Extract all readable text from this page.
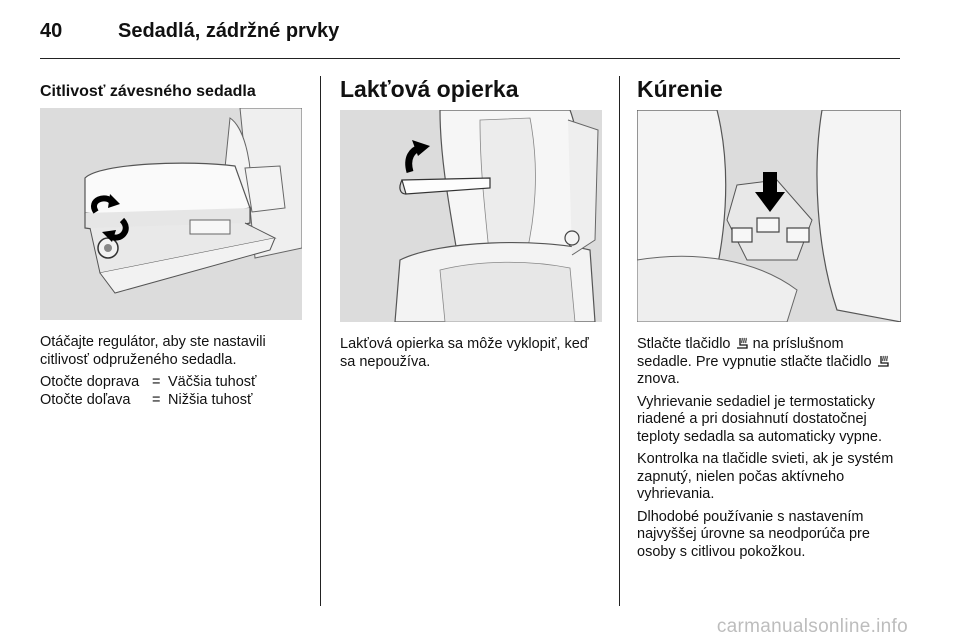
40	Sedadlá, zádržné prvky
Citlivosť závesného sedadla

Otáčajte regulátor, aby ste nastavili citlivosť odpruženého sedadla.

Otočte doprava = Väčšia tuhosť
Otočte doľava	= Nižšia tuhosť
Lakťová opierka

Lakťová opierka sa môže vyklopiť, keď sa nepoužíva.

Kúrenie

Stlačte tlačidlo na príslušnom sedadle. Pre vypnutie stlačte tlačidlo  znova.

Vyhrievanie sedadiel je termostaticky riadené a pri dosiahnutí dostatočnej teploty sedadla sa automaticky vypne.

Kontrolka na tlačidle svieti, ak je systém zapnutý, nielen počas aktívneho vyhrievania.

Dlhodobé používanie s nastavením najvyššej úrovne sa neodporúča pre osoby s citlivou pokožkou.

carmanualsonline.info
